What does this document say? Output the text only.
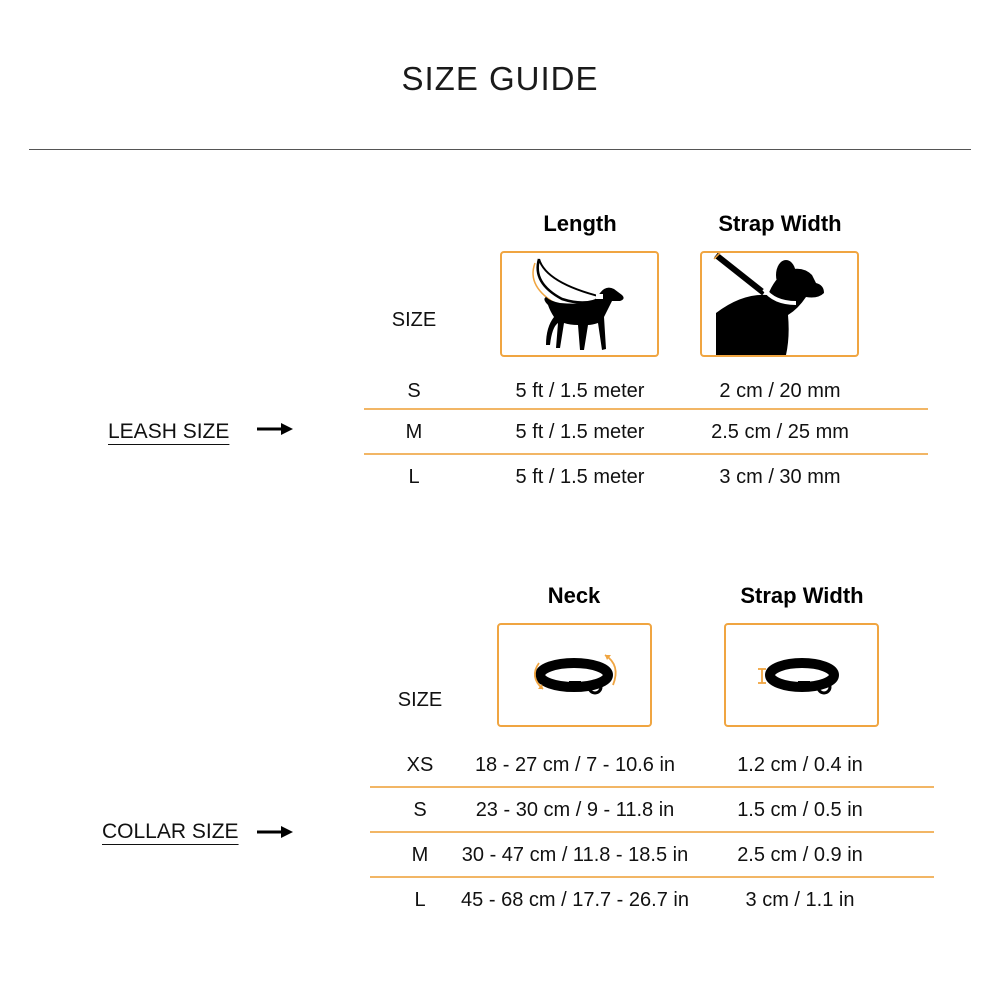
SIZE GUIDE
LEASH SIZE
Length	Strap Width
SIZE
S	5 ft / 1.5 meter	2 cm / 20 mm
M	5 ft / 1.5 meter	2.5 cm / 25 mm
L	5 ft / 1.5 meter	3 cm / 30 mm
COLLAR SIZE
Neck	Strap Width
SIZE
XS	18 - 27 cm / 7 - 10.6 in	1.2 cm / 0.4 in
S	23 - 30 cm / 9 - 11.8 in	1.5 cm / 0.5 in
M	30 - 47 cm / 11.8 - 18.5 in	2.5 cm / 0.9 in
L	45 - 68 cm / 17.7 - 26.7 in	3 cm / 1.1 in
